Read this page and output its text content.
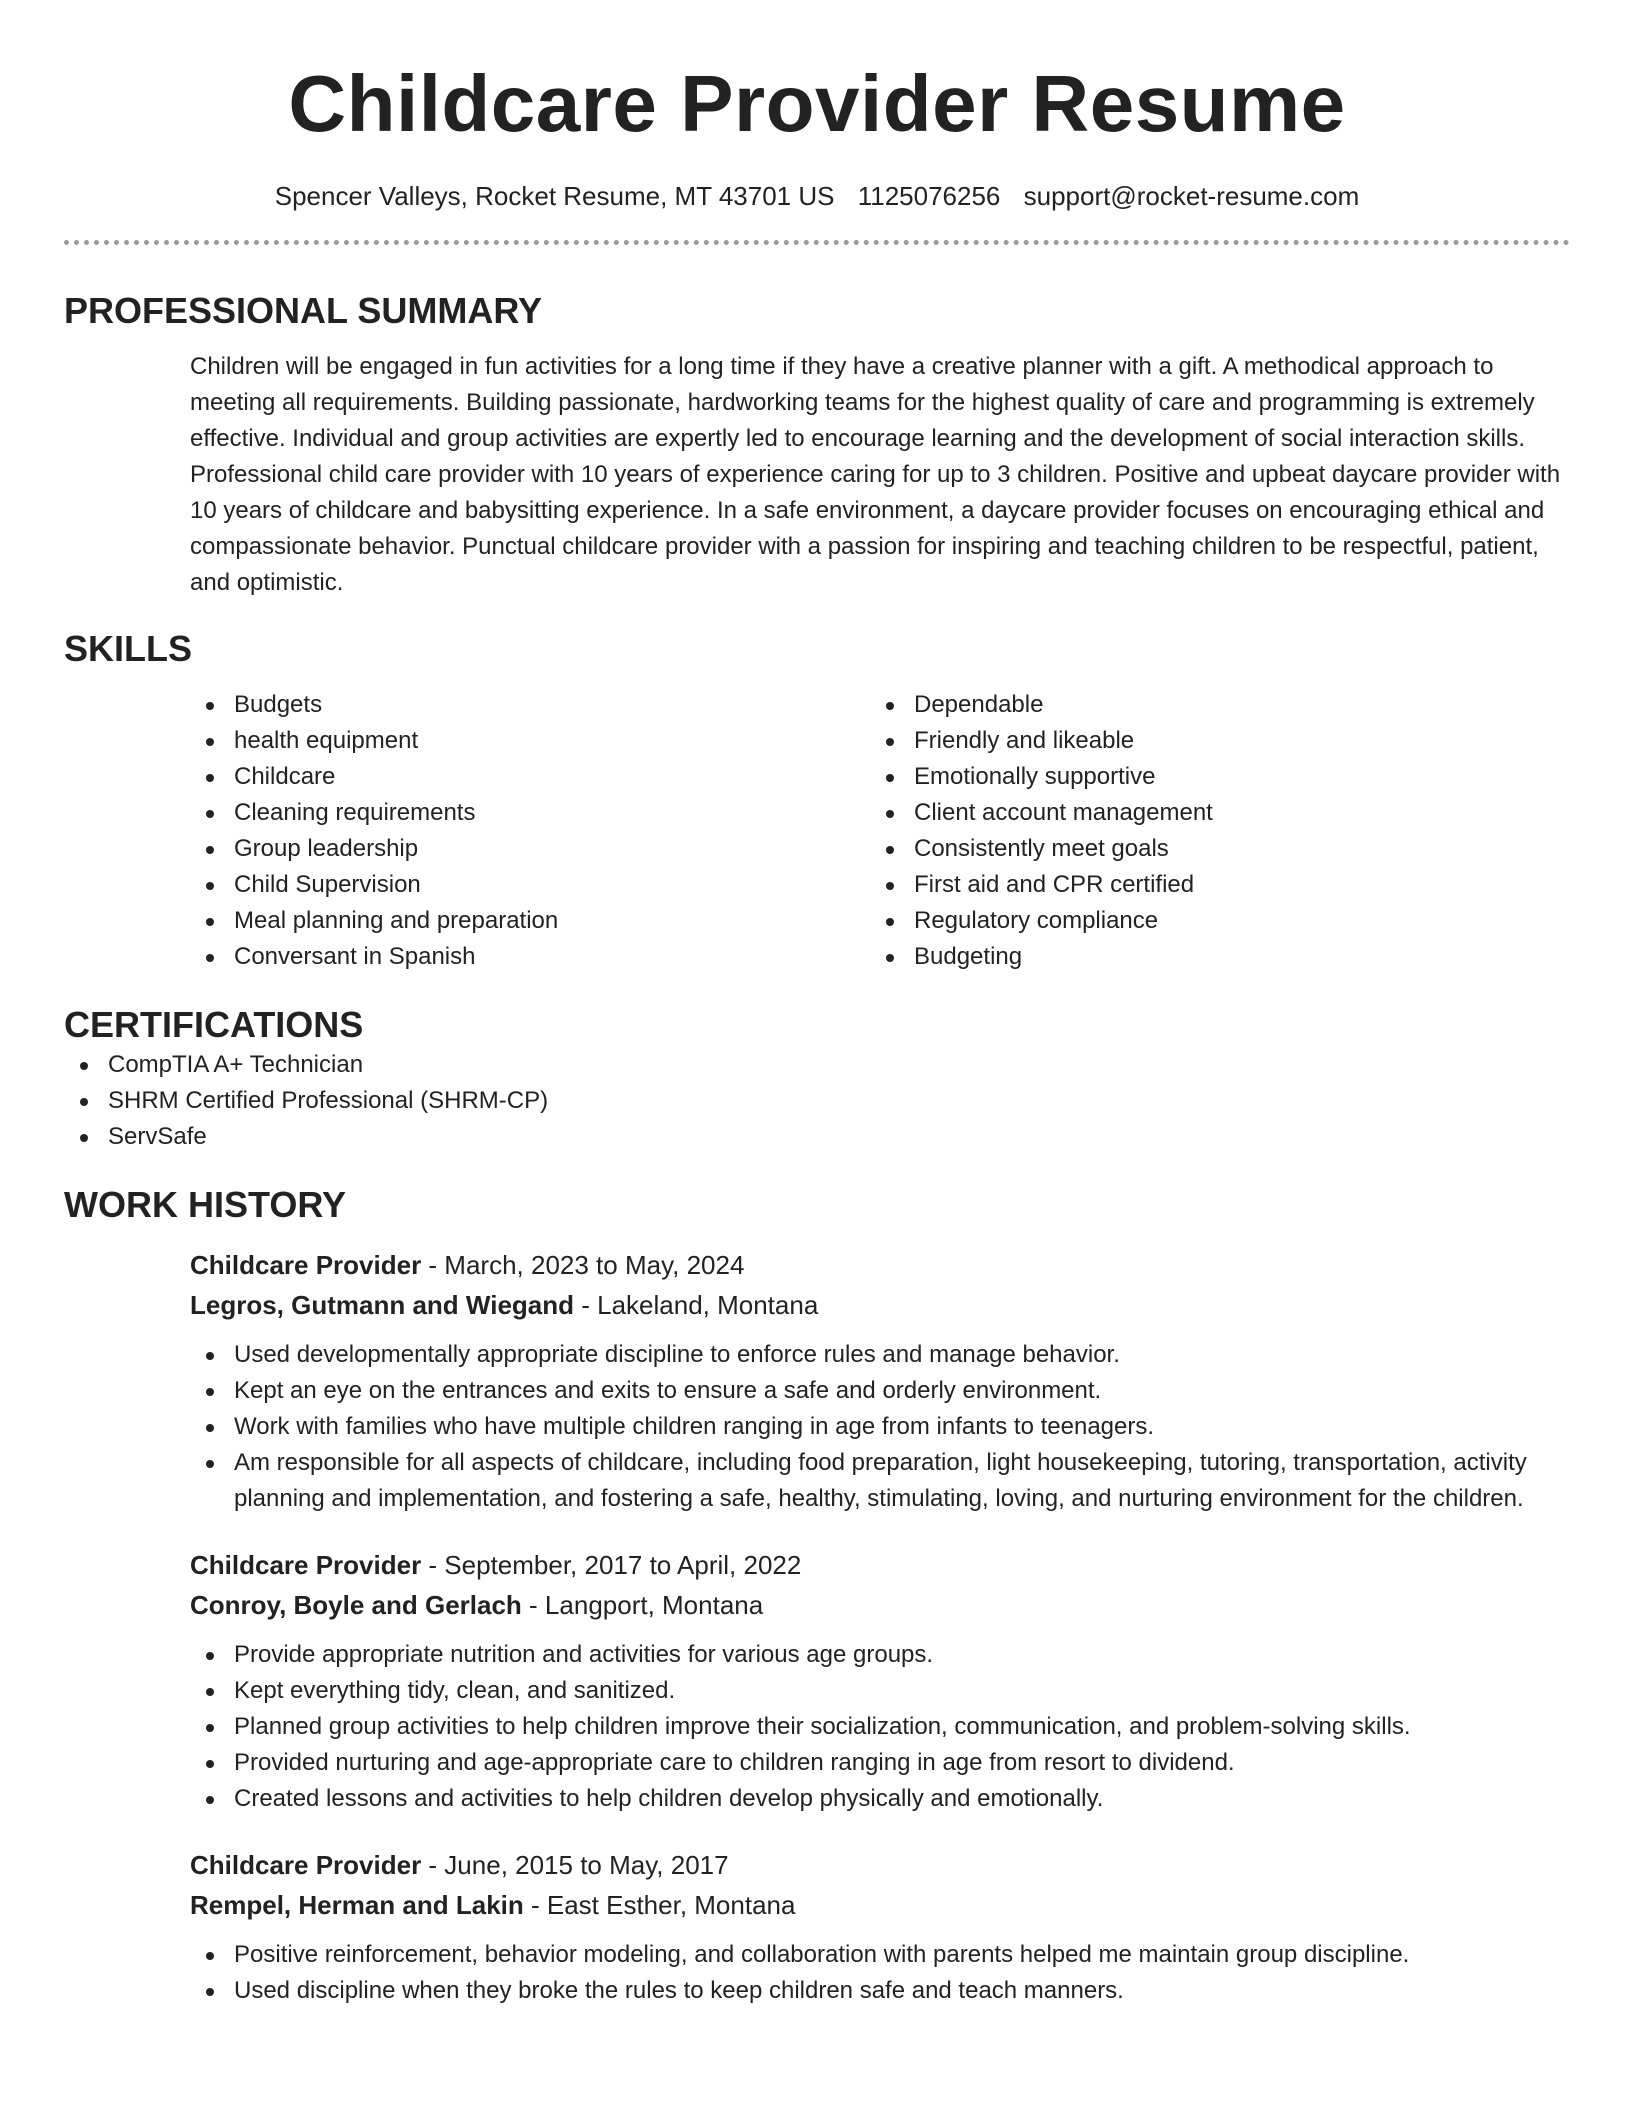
Childcare Provider Resume
Spencer Valleys, Rocket Resume, MT 43701 US 1125076256 support@rocket-resume.com
PROFESSIONAL SUMMARY

Children will be engaged in fun activities for a long time if they have a creative planner with a gift. A methodical approach to meeting all requirements. Building passionate, hardworking teams for the highest quality of care and programming is extremely effective. Individual and group activities are expertly led to encourage learning and the development of social interaction skills. Professional child care provider with 10 years of experience caring for up to 3 children. Positive and upbeat daycare provider with 10 years of childcare and babysitting experience. In a safe environment, a daycare provider focuses on encouraging ethical and compassionate behavior. Punctual childcare provider with a passion for inspiring and teaching children to be respectful, patient, and optimistic.

SKILLS
Budgets
health equipment
Childcare
Cleaning requirements
Group leadership
Child Supervision
Meal planning and preparation
Conversant in Spanish
Dependable
Friendly and likeable
Emotionally supportive
Client account management
Consistently meet goals
First aid and CPR certified
Regulatory compliance
Budgeting
CERTIFICATIONS
CompTIA A+ Technician
SHRM Certified Professional (SHRM-CP)
ServSafe
WORK HISTORY
Childcare Provider - March, 2023 to May, 2024
Legros, Gutmann and Wiegand - Lakeland, Montana
Used developmentally appropriate discipline to enforce rules and manage behavior.
Kept an eye on the entrances and exits to ensure a safe and orderly environment.
Work with families who have multiple children ranging in age from infants to teenagers.
Am responsible for all aspects of childcare, including food preparation, light housekeeping, tutoring, transportation, activity planning and implementation, and fostering a safe, healthy, stimulating, loving, and nurturing environment for the children.
Childcare Provider - September, 2017 to April, 2022
Conroy, Boyle and Gerlach - Langport, Montana
Provide appropriate nutrition and activities for various age groups.
Kept everything tidy, clean, and sanitized.
Planned group activities to help children improve their socialization, communication, and problem-solving skills.
Provided nurturing and age-appropriate care to children ranging in age from resort to dividend.
Created lessons and activities to help children develop physically and emotionally.
Childcare Provider - June, 2015 to May, 2017
Rempel, Herman and Lakin - East Esther, Montana
Positive reinforcement, behavior modeling, and collaboration with parents helped me maintain group discipline.
Used discipline when they broke the rules to keep children safe and teach manners.
